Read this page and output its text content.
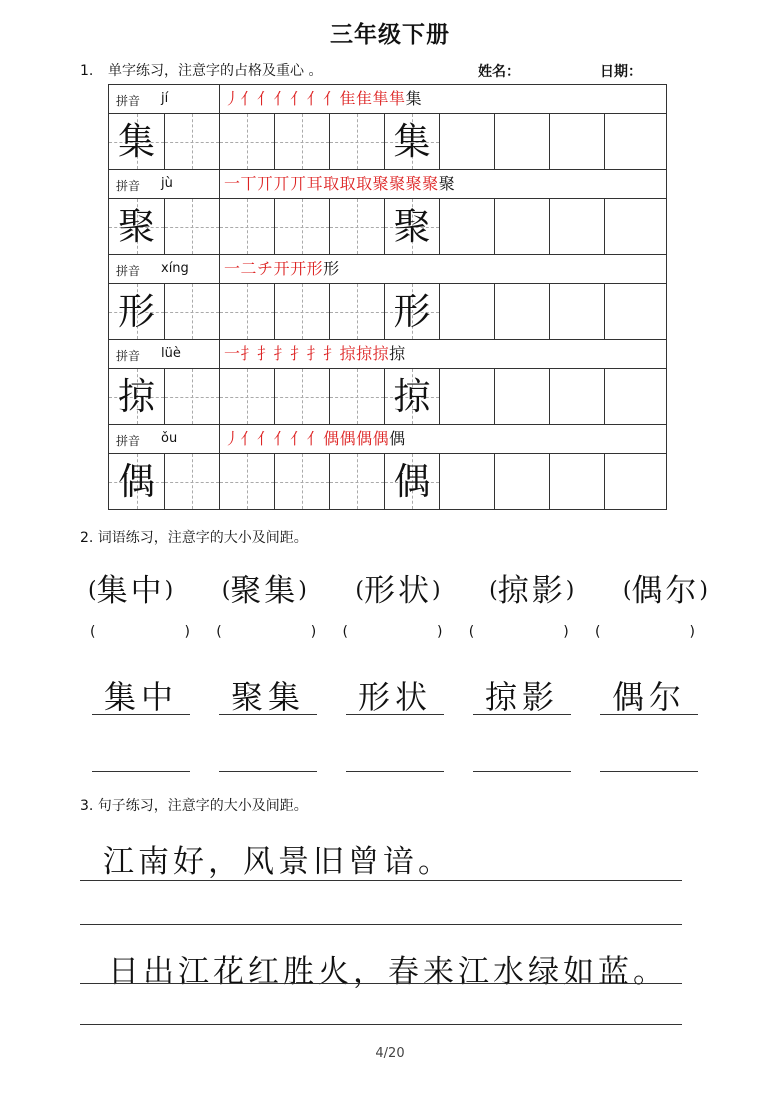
三年级下册
1. 单字练习，注意字的占格及重心 。	姓名：	日期：
拼音 jí	丿亻亻亻亻亻亻隹隹隼隼集
集	集
拼音 jù	一丅丌丌丌耳取取取聚聚聚聚聚
聚	聚
拼音 xíng	一二チ开开形形
形	形
拼音 lüè	一扌扌扌扌扌扌掠掠掠掠
掠	掠
拼音 ǒu	丿亻亻亻亻亻偶偶偶偶偶
偶	偶
2. 词语练习，注意字的大小及间距。
(集中) (聚集) (形状) (掠影) (偶尔)
(	) (	) (	) (	) (	)
集中	聚集	形状	掠影	偶尔
3. 句子练习，注意字的大小及间距。
江南好，风景旧曾谙。
日出江花红胜火，春来江水绿如蓝。
4/20
